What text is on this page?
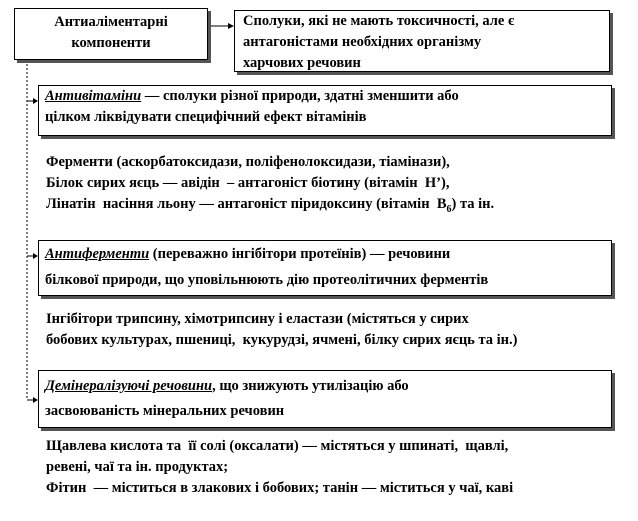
Антиаліментарні
компоненти
Сполуки, які не мають токсичності, але є
антагоністами необхідних організму
харчових речовин
Антивітаміни — сполуки різної природи, здатні зменшити або
цілком ліквідувати специфічний ефект вітамінів
Ферменти (аскорбатоксидази, поліфенолоксидази, тіамінази),
Білок сирих яєць — авідін  – антагоніст біотину (вітамін  Н’),
Лінатін  насіння льону — антагоніст піридоксину (вітамін  $В_6$) та ін.
Антиферменти (переважно інгібітори протеїнів) — речовини
білкової природи, що уповільнюють дію протеолітичних ферментів
Інгібітори трипсину, хімотрипсину і еластази (містяться у сирих
бобових культурах, пшениці,  кукурудзі, ячмені, білку сирих яєць та ін.)
Демінералізуючі речовини, що знижують утилізацію або
засвоюваність мінеральних речовин
Щавлева кислота та  її солі (оксалати) — містяться у шпинаті,  щавлі,
ревені, чаї та ін. продуктах;
Фітин  — міститься в злакових і бобових; танін — міститься у чаї, каві
